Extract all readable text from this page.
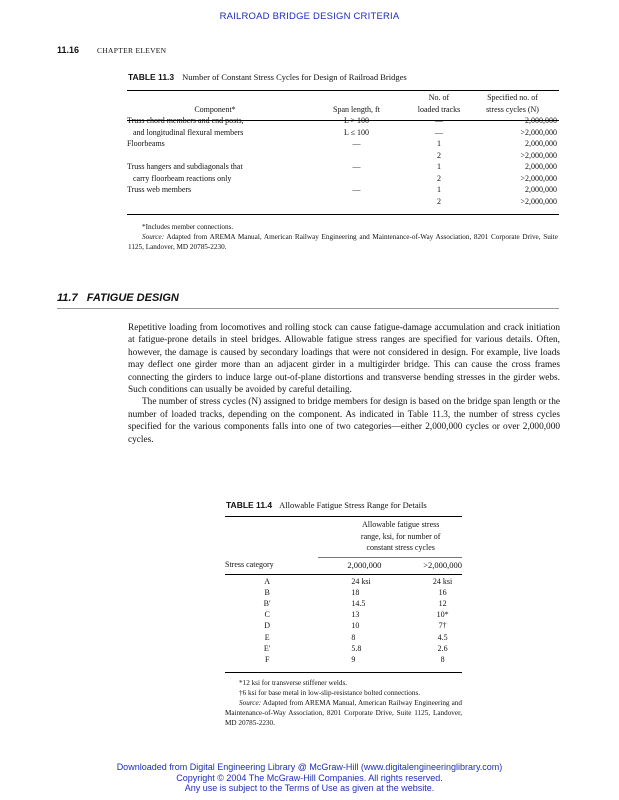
RAILROAD BRIDGE DESIGN CRITERIA
11.16 CHAPTER ELEVEN
TABLE 11.3 Number of Constant Stress Cycles for Design of Railroad Bridges
		No. of	Specified no. of
Component*	Span length, ft	loaded tracks	stress cycles (N)
Truss chord members and end posts,	L > 100	—	2,000,000
and longitudinal flexural members	L ≤ 100	—	>2,000,000
Floorbeams	—	1	2,000,000
		2	>2,000,000
Truss hangers and subdiagonals that	—	1	2,000,000
carry floorbeam reactions only		2	>2,000,000
Truss web members	—	1	2,000,000
		2	>2,000,000
*Includes member connections.
Source: Adapted from AREMA Manual, American Railway Engineering and Maintenance-of-Way Association, 8201 Corporate Drive, Suite 1125, Landover, MD 20785-2230.
11.7 FATIGUE DESIGN

Repetitive loading from locomotives and rolling stock can cause fatigue-damage accumulation and crack initiation at fatigue-prone details in steel bridges. Allowable fatigue stress ranges are specified for various details. Often, however, the damage is caused by secondary loadings that were not considered in design. For example, live loads may deflect one girder more than an adjacent girder in a multigirder bridge. This can cause the cross frames connecting the girders to induce large out-of-plane distortions and transverse bending stresses in the girder webs. Such conditions can usually be avoided by careful detailing.

The number of stress cycles (N) assigned to bridge members for design is based on the bridge span length or the number of loaded tracks, depending on the component. As indicated in Table 11.3, the number of stress cycles specified for the various components falls into one of two categories—either 2,000,000 cycles or over 2,000,000 cycles.

TABLE 11.4 Allowable Fatigue Stress Range for Details
	Allowable fatigue stress	
	range, ksi, for number of	
	constant stress cycles	
Stress category	2,000,000	>2,000,000
A	24 ksi	24 ksi
B	18	16
B′	14.5	12
C	13	10*
D	10	7†
E	8	4.5
E′	5.8	2.6
F	9	8
*12 ksi for transverse stiffener welds.
†6 ksi for base metal in low-slip-resistance bolted connections.
Source: Adapted from AREMA Manual, American Railway Engineering and Maintenance-of-Way Association, 8201 Corporate Drive, Suite 1125, Landover, MD 20785-2230.
Downloaded from Digital Engineering Library @ McGraw-Hill (www.digitalengineeringlibrary.com)
Copyright © 2004 The McGraw-Hill Companies. All rights reserved.
Any use is subject to the Terms of Use as given at the website.
